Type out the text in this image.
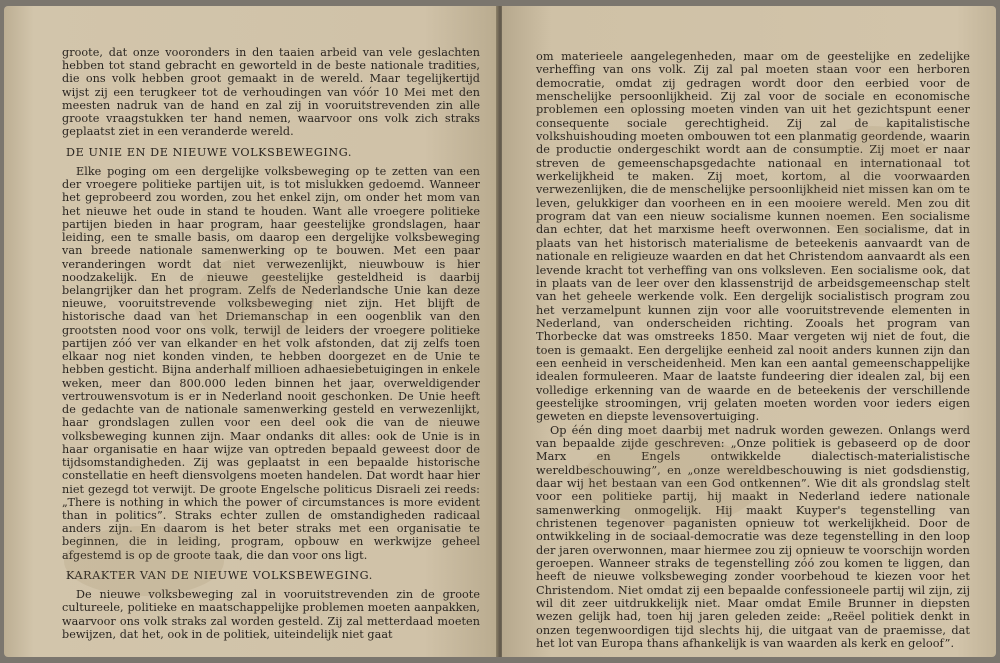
groote, dat onze vooronders in den taaien arbeid van vele geslachten hebben tot stand gebracht en geworteld in de beste nationale tradities, die ons volk hebben groot gemaakt in de wereld. Maar tegelijkertijd wijst zij een terugkeer tot de verhoudingen van vóór 10 Mei met den meesten nadruk van de hand en zal zij in vooruitstrevenden zin alle groote vraagstukken ter hand nemen, waarvoor ons volk zich straks geplaatst ziet in een veranderde wereld.

DE UNIE EN DE NIEUWE VOLKSBEWEGING.

Elke poging om een dergelijke volksbeweging op te zetten van een der vroegere politieke partijen uit, is tot mislukken gedoemd. Wanneer het geprobeerd zou worden, zou het enkel zijn, om onder het mom van het nieuwe het oude in stand te houden. Want alle vroegere politieke partijen bieden in haar program, haar geestelijke grondslagen, haar leiding, een te smalle basis, om daarop een dergelijke volksbeweging van breede nationale samenwerking op te bouwen. Met een paar veranderingen wordt dat niet verwezenlijkt, nieuwbouw is hier noodzakelijk. En de nieuwe geestelijke gesteldheid is daarbij belangrijker dan het program. Zelfs de Nederlandsche Unie kan deze nieuwe, vooruitstrevende volksbeweging niet zijn. Het blijft de historische daad van het Driemanschap in een oogenblik van den grootsten nood voor ons volk, terwijl de leiders der vroegere politieke partijen zóó ver van elkander en het volk afstonden, dat zij zelfs toen elkaar nog niet konden vinden, te hebben doorgezet en de Unie te hebben gesticht. Bijna anderhalf millioen adhaesiebetuigingen in enkele weken, meer dan 800.000 leden binnen het jaar, overweldigender vertrouwensvotum is er in Nederland nooit geschonken. De Unie heeft de gedachte van de nationale samenwerking gesteld en verwezenlijkt, haar grondslagen zullen voor een deel ook die van de nieuwe volksbeweging kunnen zijn. Maar ondanks dit alles: ook de Unie is in haar organisatie en haar wijze van optreden bepaald geweest door de tijdsomstandigheden. Zij was geplaatst in een bepaalde historische constellatie en heeft diensvolgens moeten handelen. Dat wordt haar hier niet gezegd tot verwijt. De groote Engelsche politicus Disraeli zei reeds: „There is nothing in which the power of circumstances is more evident than in politics”. Straks echter zullen de omstandigheden radicaal anders zijn. En daarom is het beter straks met een organisatie te beginnen, die in leiding, program, opbouw en werkwijze geheel afgestemd is op de groote taak, die dan voor ons ligt.

KARAKTER VAN DE NIEUWE VOLKSBEWEGING.

De nieuwe volksbeweging zal in vooruitstrevenden zin de groote cultureele, politieke en maatschappelijke problemen moeten aanpakken, waarvoor ons volk straks zal worden gesteld. Zij zal metterdaad moeten bewijzen, dat het, ook in de politiek, uiteindelijk niet gaat

om materieele aangelegenheden, maar om de geestelijke en zedelijke verheffing van ons volk. Zij zal pal moeten staan voor een herboren democratie, omdat zij gedragen wordt door den eerbied voor de menschelijke persoonlijkheid. Zij zal voor de sociale en economische problemen een oplossing moeten vinden van uit het gezichtspunt eener consequente sociale gerechtigheid. Zij zal de kapitalistische volkshuishouding moeten ombouwen tot een planmatig geordende, waarin de productie ondergeschikt wordt aan de consumptie. Zij moet er naar streven de gemeenschapsgedachte nationaal en internationaal tot werkelijkheid te maken. Zij moet, kortom, al die voorwaarden verwezenlijken, die de menschelijke persoonlijkheid niet missen kan om te leven, gelukkiger dan voorheen en in een mooiere wereld. Men zou dit program dat van een nieuw socialisme kunnen noemen. Een socialisme dan echter, dat het marxisme heeft overwonnen. Een socialisme, dat in plaats van het historisch materialisme de beteekenis aanvaardt van de nationale en religieuze waarden en dat het Christendom aanvaardt als een levende kracht tot verheffing van ons volksleven. Een socialisme ook, dat in plaats van de leer over den klassenstrijd de arbeidsgemeenschap stelt van het geheele werkende volk. Een dergelijk socialistisch program zou het verzamelpunt kunnen zijn voor alle vooruitstrevende elementen in Nederland, van onderscheiden richting. Zooals het program van Thorbecke dat was omstreeks 1850. Maar vergeten wij niet de fout, die toen is gemaakt. Een dergelijke eenheid zal nooit anders kunnen zijn dan een eenheid in verscheidenheid. Men kan een aantal gemeenschappelijke idealen formuleeren. Maar de laatste fundeering dier idealen zal, bij een volledige erkenning van de waarde en de beteekenis der verschillende geestelijke stroomingen, vrij gelaten moeten worden voor ieders eigen geweten en diepste levensovertuiging.

Op één ding moet daarbij met nadruk worden gewezen. Onlangs werd van bepaalde zijde geschreven: „Onze politiek is gebaseerd op de door Marx en Engels ontwikkelde dialectisch-materialistische wereldbeschouwing”, en „onze wereldbeschouwing is niet godsdienstig, daar wij het bestaan van een God ontkennen”. Wie dit als grondslag stelt voor een politieke partij, hij maakt in Nederland iedere nationale samenwerking onmogelijk. Hij maakt Kuyper's tegenstelling van christenen tegenover paganisten opnieuw tot werkelijkheid. Door de ontwikkeling in de sociaal-democratie was deze tegenstelling in den loop der jaren overwonnen, maar hiermee zou zij opnieuw te voorschijn worden geroepen. Wanneer straks de tegenstelling zóó zou komen te liggen, dan heeft de nieuwe volksbeweging zonder voorbehoud te kiezen voor het Christendom. Niet omdat zij een bepaalde confessioneele partij wil zijn, zij wil dit zeer uitdrukkelijk niet. Maar omdat Emile Brunner in diepsten wezen gelijk had, toen hij jaren geleden zeide: „Reëel politiek denkt in onzen tegenwoordigen tijd slechts hij, die uitgaat van de praemisse, dat het lot van Europa thans afhankelijk is van waarden als kerk en geloof”.
